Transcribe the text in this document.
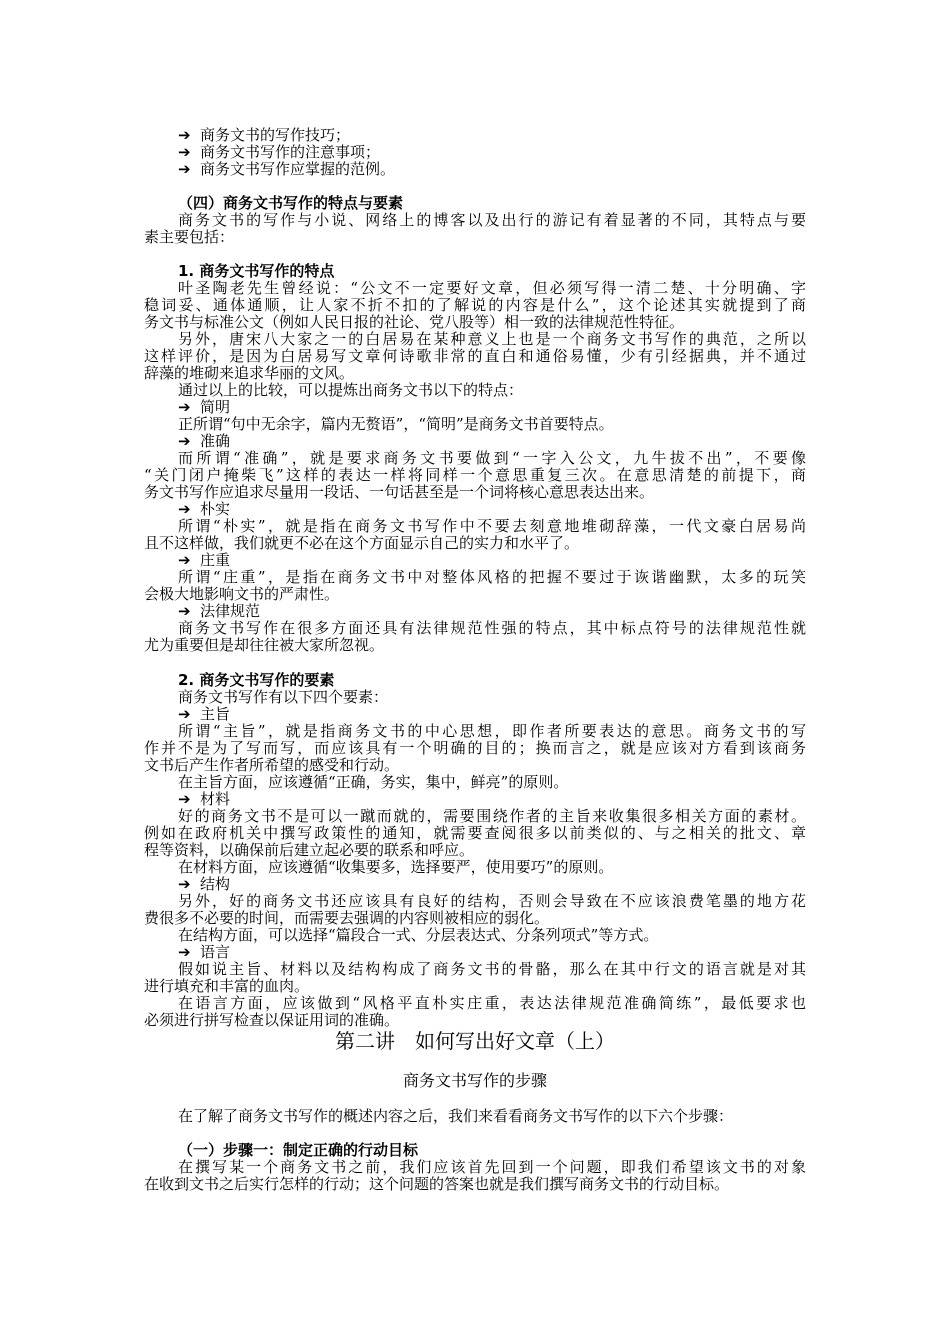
➔ 商务文书的写作技巧；
➔ 商务文书写作的注意事项；
➔ 商务文书写作应掌握的范例。
（四）商务文书写作的特点与要素
商务文书的写作与小说、网络上的博客以及出行的游记有着显著的不同，其特点与要
素主要包括：
1. 商务文书写作的特点
叶圣陶老先生曾经说：“公文不一定要好文章，但必须写得一清二楚、十分明确、字
稳词妥、通体通顺，让人家不折不扣的了解说的内容是什么”，这个论述其实就提到了商
务文书与标准公文（例如人民日报的社论、党八股等）相一致的法律规范性特征。
另外，唐宋八大家之一的白居易在某种意义上也是一个商务文书写作的典范，之所以
这样评价，是因为白居易写文章何诗歌非常的直白和通俗易懂，少有引经据典，并不通过
辞藻的堆砌来追求华丽的文风。
通过以上的比较，可以提炼出商务文书以下的特点：
➔ 简明
正所谓“句中无余字，篇内无赘语”，“简明”是商务文书首要特点。
➔ 准确
而所谓“准确”，就是要求商务文书要做到“一字入公文，九牛拔不出”，不要像
“关门闭户掩柴飞”这样的表达一样将同样一个意思重复三次。在意思清楚的前提下，商
务文书写作应追求尽量用一段话、一句话甚至是一个词将核心意思表达出来。
➔ 朴实
所谓“朴实”，就是指在商务文书写作中不要去刻意地堆砌辞藻，一代文豪白居易尚
且不这样做，我们就更不必在这个方面显示自己的实力和水平了。
➔ 庄重
所谓“庄重”，是指在商务文书中对整体风格的把握不要过于诙谐幽默，太多的玩笑
会极大地影响文书的严肃性。
➔ 法律规范
商务文书写作在很多方面还具有法律规范性强的特点，其中标点符号的法律规范性就
尤为重要但是却往往被大家所忽视。
2. 商务文书写作的要素
商务文书写作有以下四个要素：
➔ 主旨
所谓“主旨”，就是指商务文书的中心思想，即作者所要表达的意思。商务文书的写
作并不是为了写而写，而应该具有一个明确的目的；换而言之，就是应该对方看到该商务
文书后产生作者所希望的感受和行动。
在主旨方面，应该遵循“正确，务实，集中，鲜亮”的原则。
➔ 材料
好的商务文书不是可以一蹴而就的，需要围绕作者的主旨来收集很多相关方面的素材。
例如在政府机关中撰写政策性的通知，就需要查阅很多以前类似的、与之相关的批文、章
程等资料，以确保前后建立起必要的联系和呼应。
在材料方面，应该遵循“收集要多，选择要严，使用要巧”的原则。
➔ 结构
另外，好的商务文书还应该具有良好的结构，否则会导致在不应该浪费笔墨的地方花
费很多不必要的时间，而需要去强调的内容则被相应的弱化。
在结构方面，可以选择“篇段合一式、分层表达式、分条列项式”等方式。
➔ 语言
假如说主旨、材料以及结构构成了商务文书的骨骼，那么在其中行文的语言就是对其
进行填充和丰富的血肉。
在语言方面，应该做到“风格平直朴实庄重，表达法律规范准确简练”，最低要求也
必须进行拼写检查以保证用词的准确。
第二讲　如何写出好文章（上）
商务文书写作的步骤
在了解了商务文书写作的概述内容之后，我们来看看商务文书写作的以下六个步骤：
（一）步骤一：制定正确的行动目标
在撰写某一个商务文书之前，我们应该首先回到一个问题，即我们希望该文书的对象
在收到文书之后实行怎样的行动；这个问题的答案也就是我们撰写商务文书的行动目标。
